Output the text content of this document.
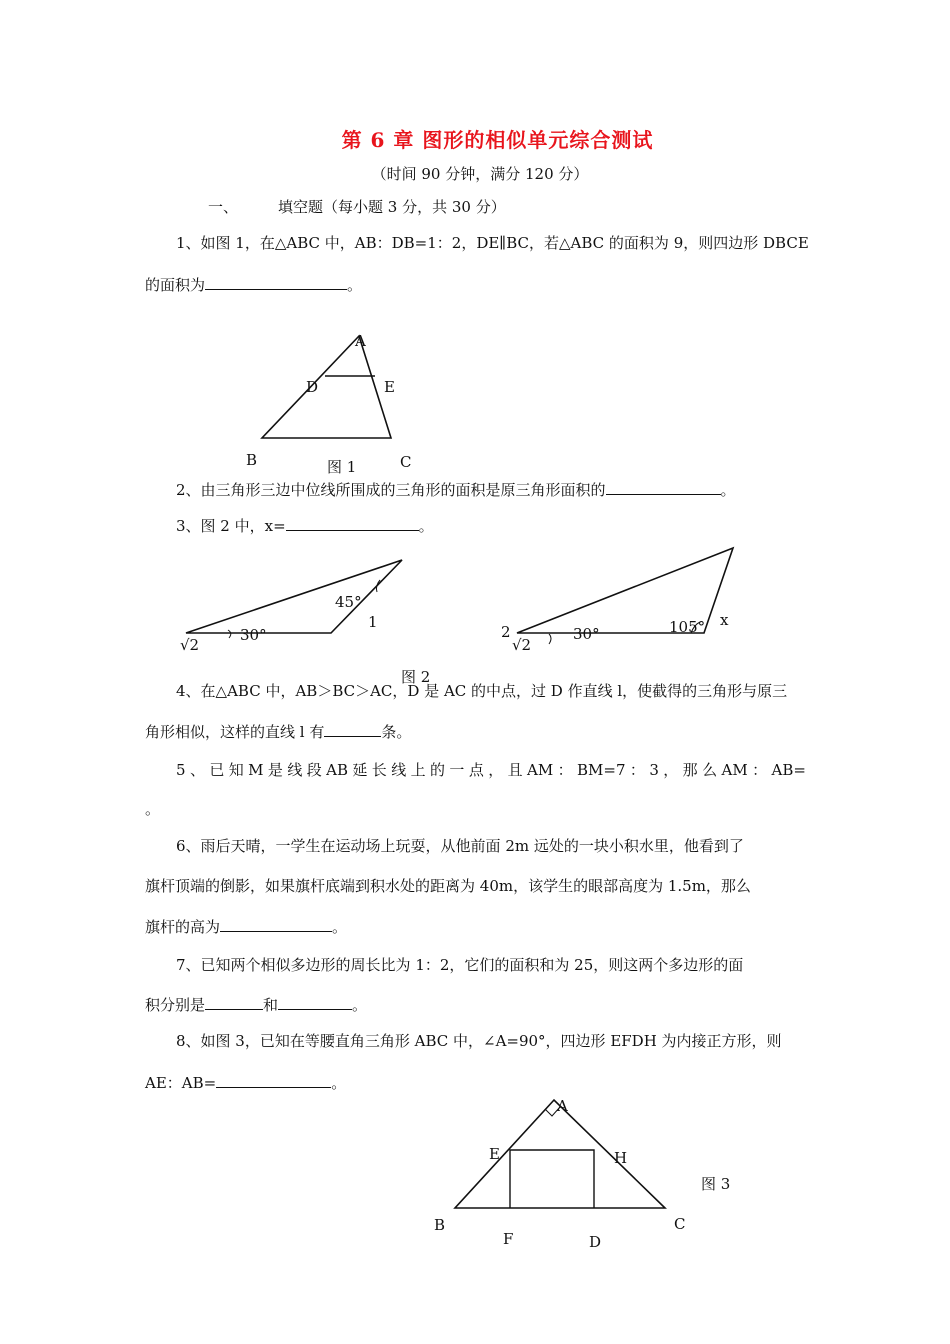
第 6 章 图形的相似单元综合测试
（时间 90 分钟，满分 120 分）
一、	填空题（每小题 3 分，共 30 分）
1、如图 1，在△ABC 中，AB：DB=1：2，DE∥BC，若△ABC 的面积为 9，则四边形 DBCE
的面积为	。
A
D	E
B	C
图 1
2、由三角形三边中位线所围成的三角形的面积是原三角形面积的	。
3、图 2 中，x=	。
√2
30°
45°
1
2
√2
30°	105° x
图 2
4、在△ABC 中，AB＞BC＞AC，D 是 AC 的中点，过 D 作直线 l，使截得的三角形与原三
角形相似，这样的直线 l 有	条。
5 、 已 知 M 是 线 段 AB 延 长 线 上 的 一 点 ， 且 AM ： BM=7 ： 3 ， 那 么 AM ： AB=
。
6、雨后天晴，一学生在运动场上玩耍，从他前面 2m 远处的一块小积水里，他看到了
旗杆顶端的倒影，如果旗杆底端到积水处的距离为 40m，该学生的眼部高度为 1.5m，那么
旗杆的高为	。
7、已知两个相似多边形的周长比为 1：2，它们的面积和为 25，则这两个多边形的面
积分别是	和	。
8、如图 3，已知在等腰直角三角形 ABC 中，∠A=90°，四边形 EFDH 为内接正方形，则
AE：AB=	。
A
E	H
图 3
B	C
F	D
